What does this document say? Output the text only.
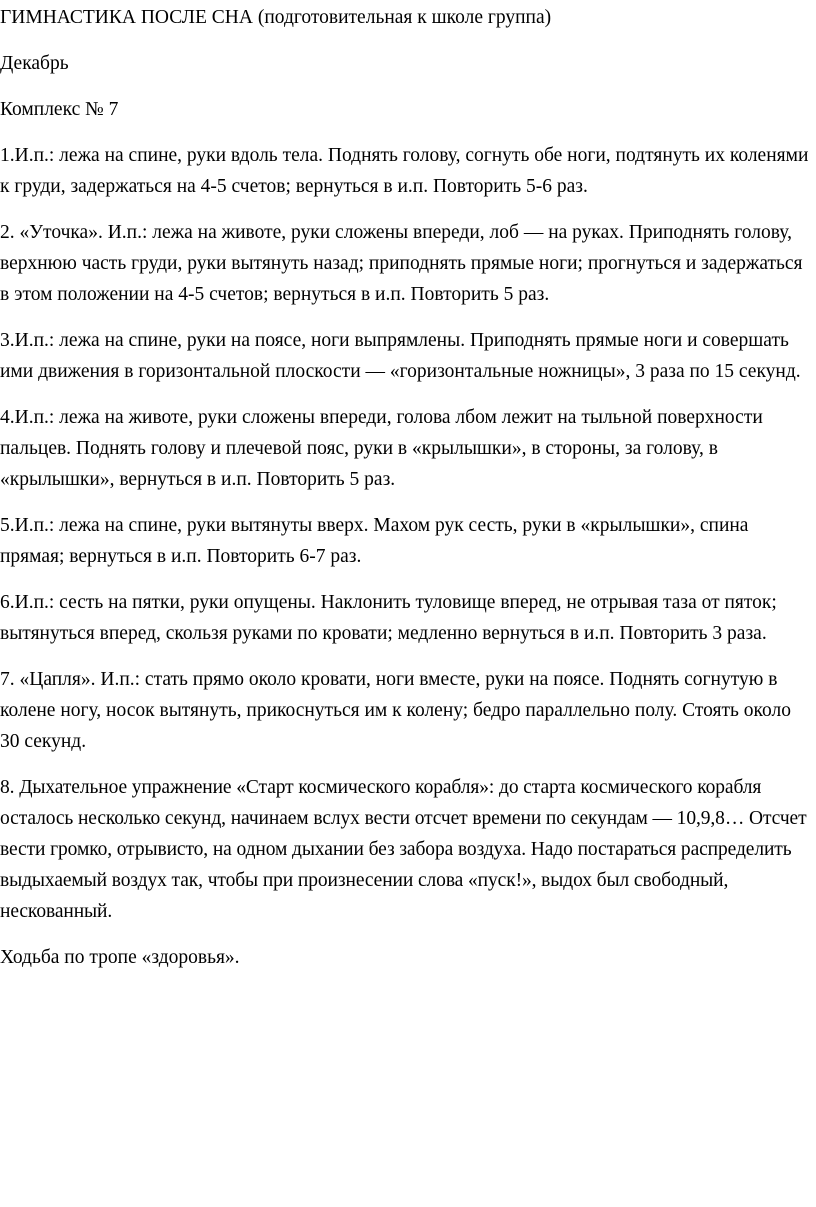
ГИМНАСТИКА ПОСЛЕ СНА (подготовительная к школе группа)

Декабрь

Комплекс № 7

1.И.п.: лежа на спине, руки вдоль тела. Поднять голову, согнуть обе ноги, подтянуть их коленями к груди, задержаться на 4-5 счетов; вернуться в и.п. Повторить 5-6 раз.

2. «Уточка». И.п.: лежа на животе, руки сложены впереди, лоб — на руках. Приподнять голову, верхнюю часть груди, руки вытянуть назад; приподнять прямые ноги; прогнуться и задержаться в этом положении на 4-5 счетов; вернуться в и.п. Повторить 5 раз.

3.И.п.: лежа на спине, руки на поясе, ноги выпрямлены. Приподнять прямые ноги и совершать ими движения в горизонтальной плоскости — «горизонтальные ножницы», 3 раза по 15 секунд.

4.И.п.: лежа на животе, руки сложены впереди, голова лбом лежит на тыльной поверхности пальцев. Поднять голову и плечевой пояс, руки в «крылышки», в стороны, за голову, в «крылышки», вернуться в и.п. Повторить 5 раз.

5.И.п.: лежа на спине, руки вытянуты вверх. Махом рук сесть, руки в «крылышки», спина прямая; вернуться в и.п. Повторить 6-7 раз.

6.И.п.: сесть на пятки, руки опущены. Наклонить туловище вперед, не отрывая таза от пяток; вытянуться вперед, скользя руками по кровати; медленно вернуться в и.п. Повторить 3 раза.

7. «Цапля». И.п.: стать прямо около кровати, ноги вместе, руки на поясе. Поднять согнутую в колене ногу, носок вытянуть, прикоснуться им к колену; бедро параллельно полу. Стоять около 30 секунд.

8. Дыхательное упражнение «Старт космического корабля»: до старта космического корабля осталось несколько секунд, начинаем вслух вести отсчет времени по секундам — 10,9,8… Отсчет вести громко, отрывисто, на одном дыхании без забора воздуха. Надо постараться распределить выдыхаемый воздух так, чтобы при произнесении слова «пуск!», выдох был свободный, нескованный.

Ходьба по тропе «здоровья».
